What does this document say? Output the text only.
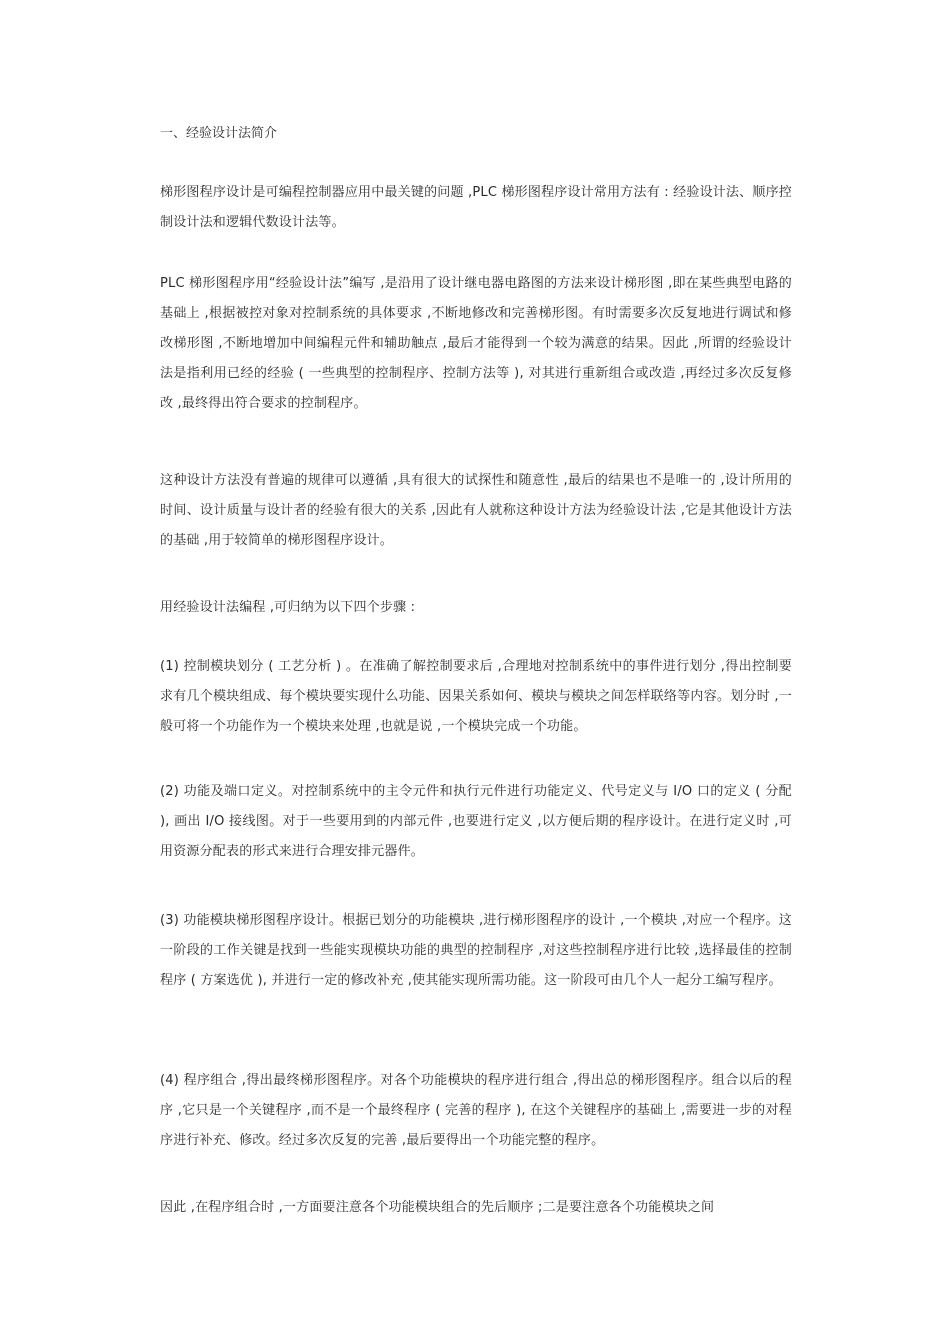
一、经验设计法简介
梯形图程序设计是可编程控制器应用中最关键的问题 ,PLC 梯形图程序设计常用方法有 : 经验设计法、顺序控制设计法和逻辑代数设计法等。
PLC 梯形图程序用“经验设计法”编写 ,是沿用了设计继电器电路图的方法来设计梯形图 ,即在某些典型电路的基础上 ,根据被控对象对控制系统的具体要求 ,不断地修改和完善梯形图。有时需要多次反复地进行调试和修改梯形图 ,不断地增加中间编程元件和辅助触点 ,最后才能得到一个较为满意的结果。因此 ,所谓的经验设计法是指利用已经的经验 ( 一些典型的控制程序、控制方法等 ), 对其进行重新组合或改造 ,再经过多次反复修改 ,最终得出符合要求的控制程序。
这种设计方法没有普遍的规律可以遵循 ,具有很大的试探性和随意性 ,最后的结果也不是唯一的 ,设计所用的时间、设计质量与设计者的经验有很大的关系 ,因此有人就称这种设计方法为经验设计法 ,它是其他设计方法的基础 ,用于较简单的梯形图程序设计。
用经验设计法编程 ,可归纳为以下四个步骤 :
(1) 控制模块划分 ( 工艺分析 ) 。在准确了解控制要求后 ,合理地对控制系统中的事件进行划分 ,得出控制要求有几个模块组成、每个模块要实现什么功能、因果关系如何、模块与模块之间怎样联络等内容。划分时 ,一般可将一个功能作为一个模块来处理 ,也就是说 ,一个模块完成一个功能。
(2) 功能及端口定义。对控制系统中的主令元件和执行元件进行功能定义、代号定义与 I/O 口的定义 ( 分配 ), 画出 I/O 接线图。对于一些要用到的内部元件 ,也要进行定义 ,以方便后期的程序设计。在进行定义时 ,可用资源分配表的形式来进行合理安排元器件。
(3) 功能模块梯形图程序设计。根据已划分的功能模块 ,进行梯形图程序的设计 ,一个模块 ,对应一个程序。这一阶段的工作关键是找到一些能实现模块功能的典型的控制程序 ,对这些控制程序进行比较 ,选择最佳的控制程序 ( 方案选优 ), 并进行一定的修改补充 ,使其能实现所需功能。这一阶段可由几个人一起分工编写程序。
(4) 程序组合 ,得出最终梯形图程序。对各个功能模块的程序进行组合 ,得出总的梯形图程序。组合以后的程序 ,它只是一个关键程序 ,而不是一个最终程序 ( 完善的程序 ), 在这个关键程序的基础上 ,需要进一步的对程序进行补充、修改。经过多次反复的完善 ,最后要得出一个功能完整的程序。
因此 ,在程序组合时 ,一方面要注意各个功能模块组合的先后顺序 ;二是要注意各个功能模块之间
